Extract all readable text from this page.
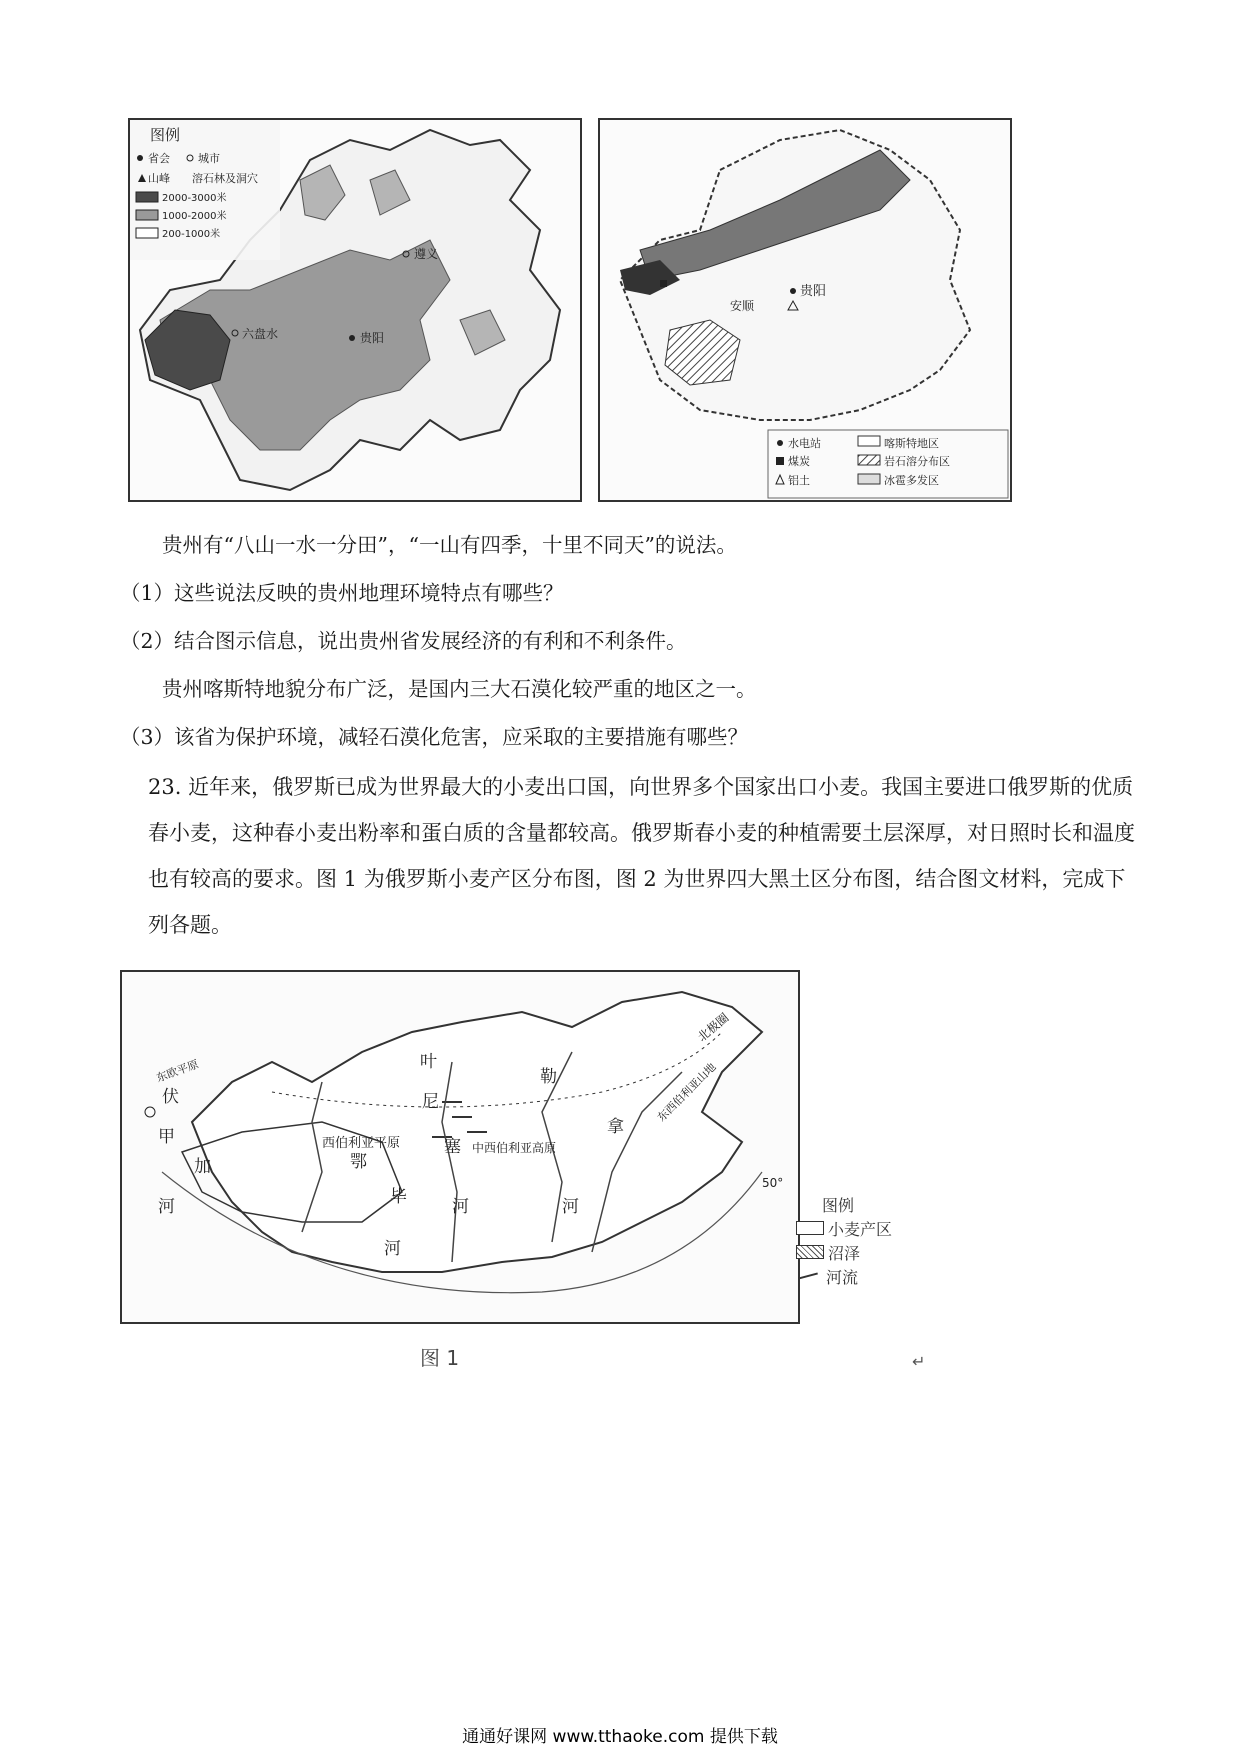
图例
省会	城市
山峰 溶石林及洞穴
2000-3000米
1000-2000米
200-1000米
遵义
六盘水	贵阳
贵阳
安顺
水电站	喀斯特地区
煤炭	岩石溶分布区
铝土	冰雹多发区
贵州有“八山一水一分田”，“一山有四季，十里不同天”的说法。
（1）这些说法反映的贵州地理环境特点有哪些？
（2）结合图示信息，说出贵州省发展经济的有利和不利条件。
贵州喀斯特地貌分布广泛，是国内三大石漠化较严重的地区之一。
（3）该省为保护环境，减轻石漠化危害，应采取的主要措施有哪些？
23. 近年来，俄罗斯已成为世界最大的小麦出口国，向世界多个国家出口小麦。我国主要进口俄罗斯的优质春小麦，这种春小麦出粉率和蛋白质的含量都较高。俄罗斯春小麦的种植需要土层深厚，对日照时长和温度也有较高的要求。图 1 为俄罗斯小麦产区分布图，图 2 为世界四大黑土区分布图，结合图文材料，完成下列各题。
北极圈
东西伯利亚山地
伏
甲
加
河
西伯利亚平原
叶
尼
塞
河
勒
拿
河
鄂
毕
河
中西伯利亚高原
东欧平原
50°
图例
小麦产区
沼泽
河流
图 1	↵
通通好课网 www.tthaoke.com 提供下载
